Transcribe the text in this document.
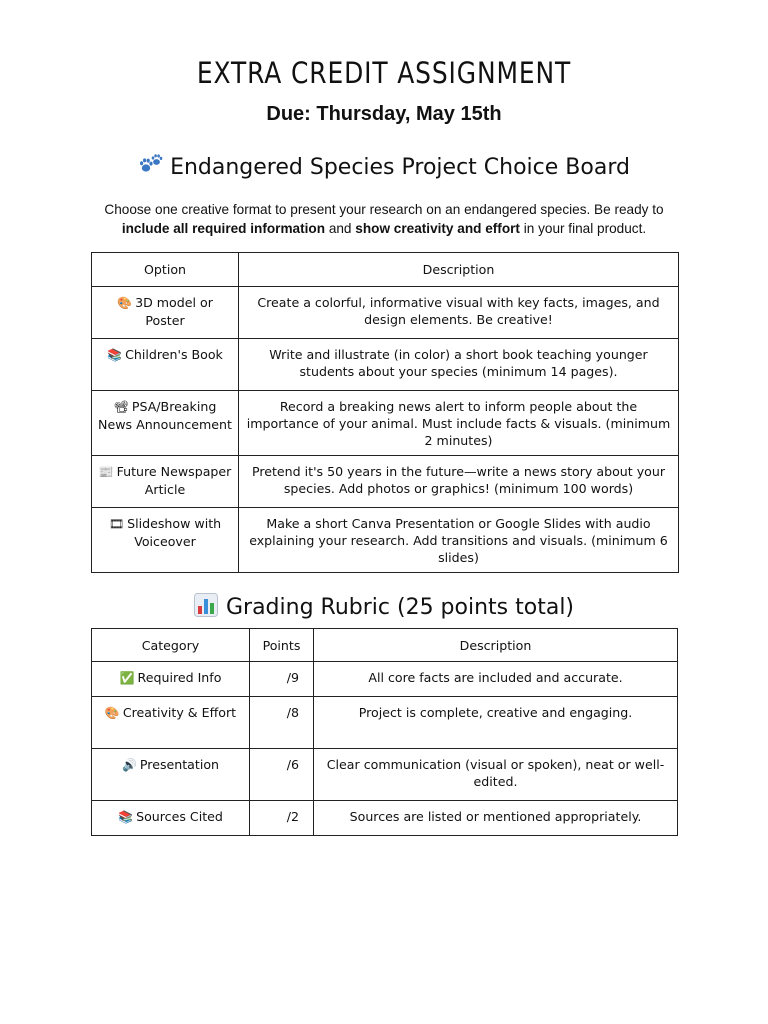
EXTRA CREDIT ASSIGNMENT
Due: Thursday, May 15th
Endangered Species Project Choice Board
Choose one creative format to present your research on an endangered species. Be ready to include all required information and show creativity and effort in your final product.
Option	Description
🎨 3D model or Poster	Create a colorful, informative visual with key facts, images, and design elements. Be creative!
📚 Children's Book	Write and illustrate (in color) a short book teaching younger students about your species (minimum 14 pages).
📽 PSA/Breaking News Announcement	Record a breaking news alert to inform people about the importance of your animal. Must include facts & visuals. (minimum 2 minutes)
📰 Future Newspaper Article	Pretend it's 50 years in the future—write a news story about your species. Add photos or graphics! (minimum 100 words)
🎞 Slideshow with Voiceover	Make a short Canva Presentation or Google Slides with audio explaining your research. Add transitions and visuals. (minimum 6 slides)
Grading Rubric (25 points total)
Category	Points	Description
✅ Required Info	/9	All core facts are included and accurate.
🎨 Creativity & Effort	/8	Project is complete, creative and engaging.
🔊 Presentation	/6	Clear communication (visual or spoken), neat or well-edited.
📚 Sources Cited	/2	Sources are listed or mentioned appropriately.
